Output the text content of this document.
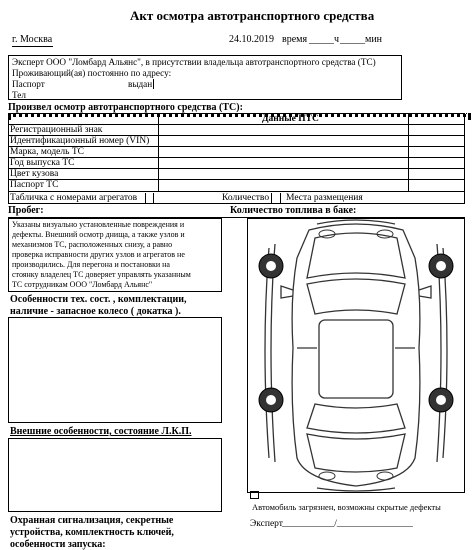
Акт осмотра автотранспортного средства
г. Москва	24.10.2019 время _____ч _____мин
Эксперт ООО "Ломбард Альянс", в присутствии владельца автотранспортного средства (ТС)
Проживающий(ая) постоянно по адресу:
Паспорт	выдан
Тел
Произвел осмотр автотранспортного средства (ТС):
Данные ПТС
Регистрационный знак
Идентификационный номер (VIN)
Марка, модель ТС
Год выпуска ТС
Цвет кузова
Паспорт ТС
Табличка с номерами агрегатов	Количество Места размещения
Пробег:	Количество топлива в баке:
Указаны визуально установленные повреждения и
дефекты. Внешний осмотр днища, а также узлов и
механизмов ТС, расположенных снизу, а равно
проверка исправности других узлов и агрегатов не
производились. Для перегона и постановки на
стоянку владелец ТС доверяет управлять указанным
ТС сотрудникам ООО "Ломбард Альянс"
Особенности тех. сост. , комплектации,
наличие - запасное колесо ( докатка ).
Внешние особенности, состояние Л.К.П.
Охранная сигнализация, секретные
устройства, комплектность ключей,
особенности запуска:
Автомобиль загрязнен, возможны скрытые дефекты
Эксперт ___________/________________
